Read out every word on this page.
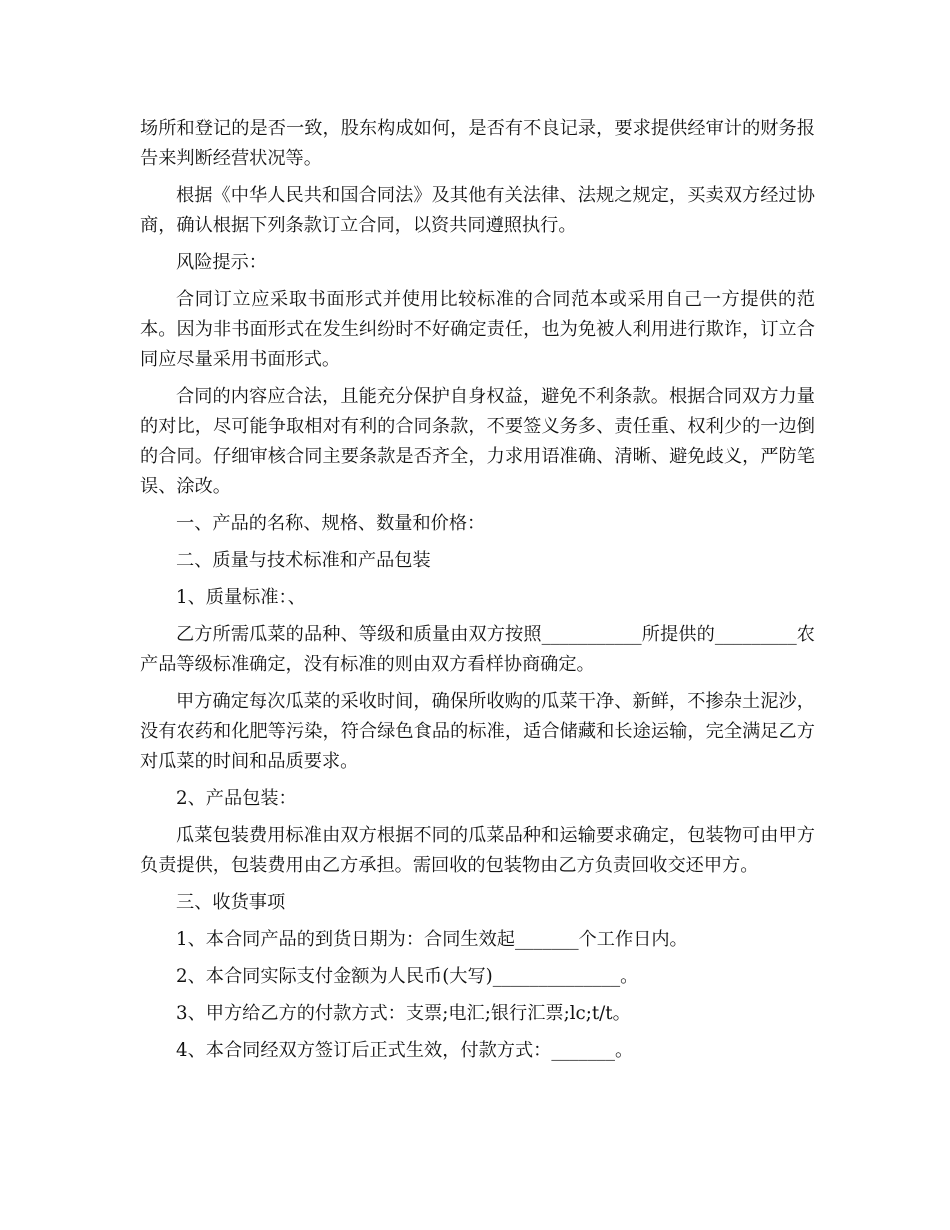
场所和登记的是否一致，股东构成如何，是否有不良记录，要求提供经审计的财务报告来判断经营状况等。

根据《中华人民共和国合同法》及其他有关法律、法规之规定，买卖双方经过协商，确认根据下列条款订立合同，以资共同遵照执行。

风险提示：

合同订立应采取书面形式并使用比较标准的合同范本或采用自己一方提供的范本。因为非书面形式在发生纠纷时不好确定责任，也为免被人利用进行欺诈，订立合同应尽量采用书面形式。

合同的内容应合法，且能充分保护自身权益，避免不利条款。根据合同双方力量的对比，尽可能争取相对有利的合同条款，不要签义务多、责任重、权利少的一边倒的合同。仔细审核合同主要条款是否齐全，力求用语准确、清晰、避免歧义，严防笔误、涂改。

一、产品的名称、规格、数量和价格：

二、质量与技术标准和产品包装

1、质量标准：、

乙方所需瓜菜的品种、等级和质量由双方按照___________所提供的_________农产品等级标准确定，没有标准的则由双方看样协商确定。

甲方确定每次瓜菜的采收时间，确保所收购的瓜菜干净、新鲜，不掺杂土泥沙，没有农药和化肥等污染，符合绿色食品的标准，适合储藏和长途运输，完全满足乙方对瓜菜的时间和品质要求。

2、产品包装：

瓜菜包装费用标准由双方根据不同的瓜菜品种和运输要求确定，包装物可由甲方负责提供，包装费用由乙方承担。需回收的包装物由乙方负责回收交还甲方。

三、收货事项

1、本合同产品的到货日期为：合同生效起_______个工作日内。

2、本合同实际支付金额为人民币(大写)______________。

3、甲方给乙方的付款方式：支票;电汇;银行汇票;lc;t/t。

4、本合同经双方签订后正式生效，付款方式：_______。
